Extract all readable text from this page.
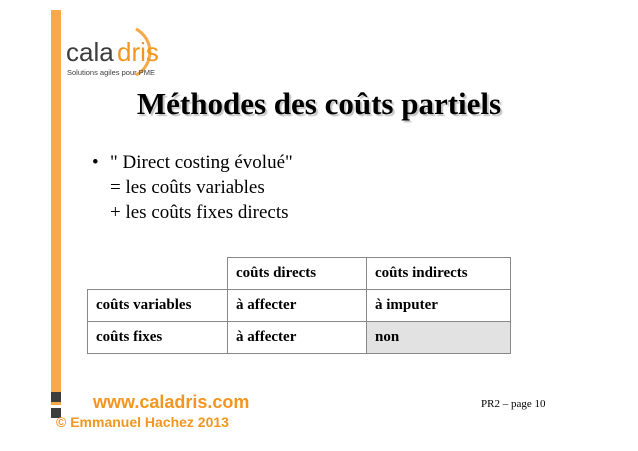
cala dris
Solutions agiles pour PME
Méthodes des coûts partiels
• " Direct costing évolué"
= les coûts variables
+ les coûts fixes directs
	coûts directs	coûts indirects
coûts variables	à affecter	à imputer
coûts fixes	à affecter	non
www.caladris.com
© Emmanuel Hachez 2013
PR2 – page 10
